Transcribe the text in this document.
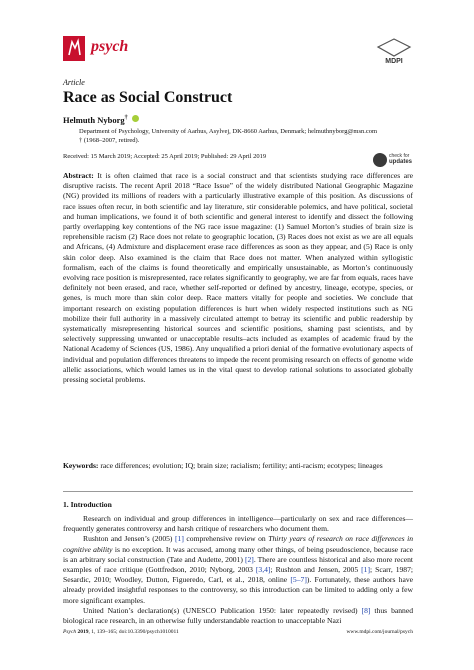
psych
MDPI
Article
Race as Social Construct
Helmuth Nyborg†
Department of Psychology, University of Aarhus, Asylvej, DK-8660 Aarhus, Denmark; helmuthnyborg@msn.com
† (1968–2007, retired).
Received: 15 March 2019; Accepted: 25 April 2019; Published: 29 April 2019	check for
updates
Abstract: It is often claimed that race is a social construct and that scientists studying race differences are disruptive racists. The recent April 2018 “Race Issue” of the widely distributed National Geographic Magazine (NG) provided its millions of readers with a particularly illustrative example of this position. As discussions of race issues often recur, in both scientific and lay literature, stir considerable polemics, and have political, societal and human implications, we found it of both scientific and general interest to identify and dissect the following partly overlapping key contentions of the NG race issue magazine: (1) Samuel Morton’s studies of brain size is reprehensible racism (2) Race does not relate to geographic location, (3) Races does not exist as we are all equals and Africans, (4) Admixture and displacement erase race differences as soon as they appear, and (5) Race is only skin color deep. Also examined is the claim that Race does not matter. When analyzed within syllogistic formalism, each of the claims is found theoretically and empirically unsustainable, as Morton’s continuously evolving race position is misrepresented, race relates significantly to geography, we are far from equals, races have definitely not been erased, and race, whether self-reported or defined by ancestry, lineage, ecotype, species, or genes, is much more than skin color deep. Race matters vitally for people and societies. We conclude that important research on existing population differences is hurt when widely respected institutions such as NG mobilize their full authority in a massively circulated attempt to betray its scientific and public readership by systematically misrepresenting historical sources and scientific positions, shaming past scientists, and by selectively suppressing unwanted or unacceptable results–acts included as examples of academic fraud by the National Academy of Sciences (US, 1986). Any unqualified a priori denial of the formative evolutionary aspects of individual and population differences threatens to impede the recent promising research on effects of genome wide allelic associations, which would lames us in the vital quest to develop rational solutions to associated globally pressing societal problems.
Keywords: race differences; evolution; IQ; brain size; racialism; fertility; anti-racism; ecotypes; lineages
1. Introduction

Research on individual and group differences in intelligence—particularly on sex and race differences—frequently generates controversy and harsh critique of researchers who document them.

Rushton and Jensen’s (2005) [1] comprehensive review on Thirty years of research on race differences in cognitive ability is no exception. It was accused, among many other things, of being pseudoscience, because race is an arbitrary social construction (Tate and Audette, 2001) [2]. There are countless historical and also more recent examples of race critique (Gottfredson, 2010; Nyborg, 2003 [3,4]; Rushton and Jensen, 2005 [1]; Scarr, 1987; Sesardic, 2010; Woodley, Dutton, Figueredo, Carl, et al., 2018, online [5–7]). Fortunately, these authors have already provided insightful responses to the controversy, so this introduction can be limited to adding only a few more significant examples.

United Nation’s declaration(s) (UNESCO Publication 1950: later repeatedly revised) [8] thus banned biological race research, in an otherwise fully understandable reaction to unacceptable Nazi

Psych 2019, 1, 139–165; doi:10.3390/psych1010011	www.mdpi.com/journal/psych
